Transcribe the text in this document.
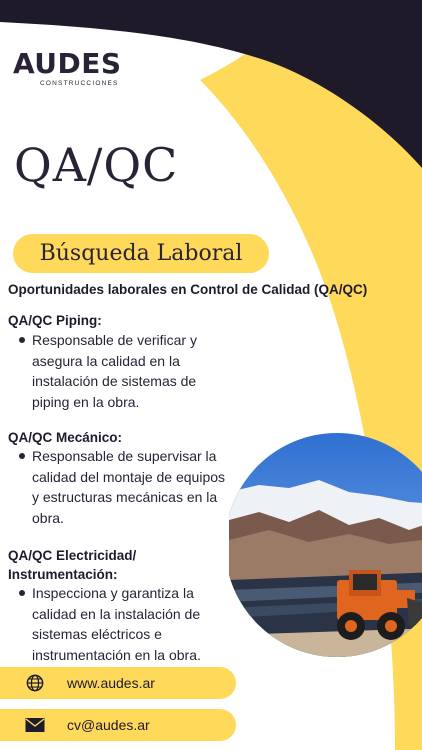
AUDES
CONSTRUCCIONES
QA/QC
Búsqueda Laboral
Oportunidades laborales en Control de Calidad (QA/QC)
QA/QC Piping:
Responsable de verificar y asegura la calidad en la instalación de sistemas de piping en la obra.
QA/QC Mecánico:
Responsable de supervisar la calidad del montaje de equipos y estructuras mecánicas en la obra.
QA/QC Electricidad/ Instrumentación:
Inspecciona y garantiza la calidad en la instalación de sistemas eléctricos e instrumentación en la obra.
www.audes.ar
cv@audes.ar
